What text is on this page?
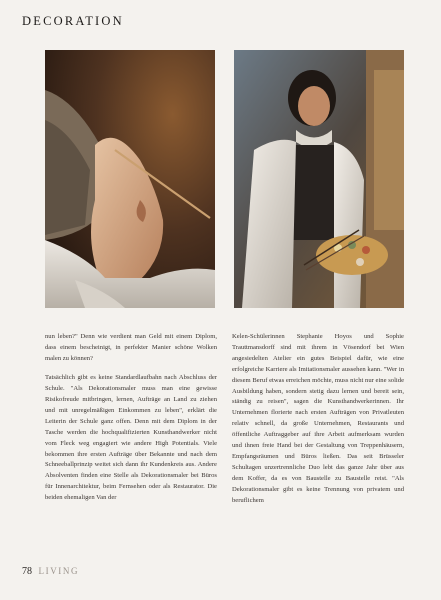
DECORATION

nun leben?" Denn wie verdient man Geld mit einem Diplom, dass einem bescheinigt, in perfekter Manier schöne Wolken malen zu können?

Tatsächlich gibt es keine Standardlaufbahn nach Abschluss der Schule. "Als Dekorationsmaler muss man eine gewisse Risikofreude mitbringen, lernen, Aufträge an Land zu ziehen und mit unregelmäßigen Einkommen zu leben", erklärt die Leiterin der Schule ganz offen. Denn mit dem Diplom in der Tasche werden die hochqualifizierten Kunsthandwerker nicht vom Fleck weg engagiert wie andere High Potentials. Viele bekommen ihre ersten Aufträge über Bekannte und nach dem Schneeballprinzip weitet sich dann ihr Kundenkreis aus. Andere Absolventen finden eine Stelle als Dekorationsmaler bei Büros für Innenarchitektur, beim Fernsehen oder als Restaurator. Die beiden ehemaligen Van der

Kelen-Schülerinnen Stephanie Hoyos und Sophie Trauttmansdorff sind mit ihrem in Vösendorf bei Wien angesiedelten Atelier ein gutes Beispiel dafür, wie eine erfolgreiche Karriere als Imitationsmaler aussehen kann. "Wer in diesem Beruf etwas erreichen möchte, muss nicht nur eine solide Ausbildung haben, sondern stetig dazu lernen und bereit sein, ständig zu reisen", sagen die Kunsthandwerkerinnen. Ihr Unternehmen florierte nach ersten Aufträgen von Privatleuten relativ schnell, da große Unternehmen, Restaurants und öffentliche Auftraggeber auf ihre Arbeit aufmerksam wurden und ihnen freie Hand bei der Gestaltung von Treppenhäusern, Empfangsräumen und Büros ließen. Das seit Brüsseler Schultagen unzertrennliche Duo lebt das ganze Jahr über aus dem Koffer, da es von Baustelle zu Baustelle reist. "Als Dekorationsmaler gibt es keine Trennung von privatem und beruflichem

78 LIVING
